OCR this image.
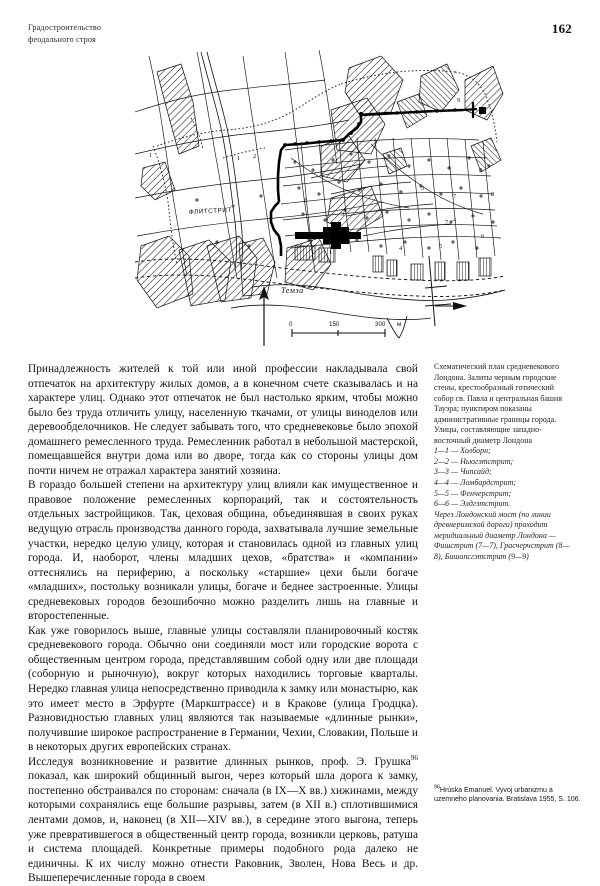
Градостроительство
феодального строя
162
ФЛИТСТРИТ
Темза
0	150	300 м
1	1 2
2
3
3
4
4
5
6
7
7
8
8
9

Принадлежность жителей к той или иной профессии накладывала свой отпечаток на архитектуру жилых домов, а в конечном счете сказывалась и на характере улиц. Однако этот отпечаток не был настолько ярким, чтобы можно было без труда отличить улицу, населенную ткачами, от улицы виноделов или деревообделочников. Не следует забывать того, что средневековье было эпохой домашнего ремесленного труда. Ремесленник работал в небольшой мастерской, помещавшейся внутри дома или во дворе, тогда как со стороны улицы дом почти ничем не отражал характера занятий хозяина.

В гораздо большей степени на архитектуру улиц влияли как имущественное и правовое положение ремесленных корпораций, так и состоятельность отдельных застройщиков. Так, цеховая община, объединявшая в своих руках ведущую отрасль производства данного города, захватывала лучшие земельные участки, нередко целую улицу, которая и становилась одной из главных улиц города. И, наоборот, члены младших цехов, «братства» и «компании» оттеснялись на периферию, а поскольку «старшие» цехи были богаче «младших», постольку возникали улицы, богаче и беднее застроенные. Улицы средневековых городов безошибочно можно разделить лишь на главные и второстепенные.

Как уже говорилось выше, главные улицы составляли планировочный костяк средневекового города. Обычно они соединяли мост или городские ворота с общественным центром города, представлявшим собой одну или две площади (соборную и рыночную), вокруг которых находились торговые кварталы. Нередко главная улица непосредственно приводила к замку или монастырю, как это имеет место в Эрфурте (Маркштрассе) и в Кракове (улица Гродцка). Разновидностью главных улиц являются так называемые «длинные рынки», получившие широкое распространение в Германии, Чехии, Словакии, Польше и в некоторых других европейских странах.

Исследуя возникновение и развитие длинных рынков, проф. Э. Грушка$^{96}$ показал, как широкий общинный выгон, через который шла дорога к замку, постепенно обстраивался по сторонам: сначала (в IX—X вв.) хижинами, между которыми сохранялись еще большие разрывы, затем (в XII в.) сплотившимися лентами домов, и, наконец (в XII—XIV вв.), в середине этого выгона, теперь уже превратившегося в общественный центр города, возникли церковь, ратуша и система площадей. Конкретные примеры подобного рода далеко не единичны. К их числу можно отнести Раковник, Зволен, Нова Весь и др. Вышеперечисленные города в своем

Схематический план средневекового Лондона. Залиты черным городские стены, крестообразный готический собор св. Павла и центральная башня Тауэра; пунктиром показаны административные границы города.
Улицы, составляющие западно-восточный диаметр Лондона
1—1 — Холборн;
2—2 — Ньюгэтстрит;
3—3 — Чипсайд;
4—4 — Ломбардстрит;
5—5 — Фенчерстрит;
6—6 — Элдгэтстрит.
Через Лондонский мост (по линии древнеримской дороги) проходит меридиальный диаметр Лондона — Фишстрит (7—7), Грасчерчстрит (8—8), Бишопсгэтстрит (9—9)
$^{96}$Hrúska Emanuel. Vyvoj urbanizmu a uzemneho planovania. Bratislava 1955, S. 106.
